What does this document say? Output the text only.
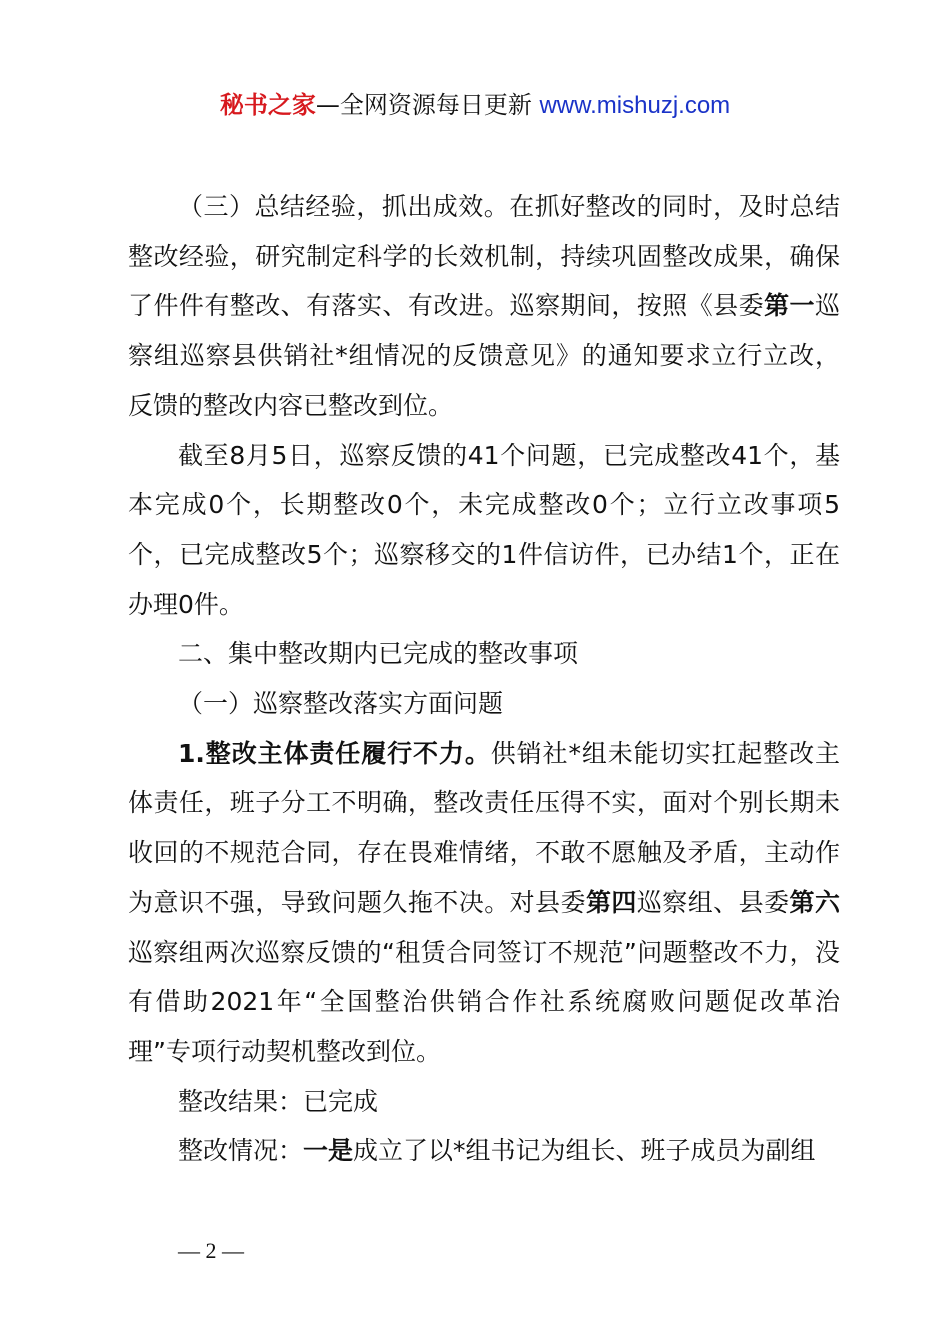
秘书之家—全网资源每日更新 www.mishuzj.com

（三）总结经验，抓出成效。在抓好整改的同时，及时总结整改经验，研究制定科学的长效机制，持续巩固整改成果，确保了件件有整改、有落实、有改进。巡察期间，按照《县委第一巡察组巡察县供销社*组情况的反馈意见》的通知要求立行立改，反馈的整改内容已整改到位。

截至8月5日，巡察反馈的41个问题，已完成整改41个，基本完成0个，长期整改0个，未完成整改0个；立行立改事项5个，已完成整改5个；巡察移交的1件信访件，已办结1个，正在办理0件。

二、集中整改期内已完成的整改事项

（一）巡察整改落实方面问题

1.整改主体责任履行不力。供销社*组未能切实扛起整改主体责任，班子分工不明确，整改责任压得不实，面对个别长期未收回的不规范合同，存在畏难情绪，不敢不愿触及矛盾，主动作为意识不强，导致问题久拖不决。对县委第四巡察组、县委第六巡察组两次巡察反馈的“租赁合同签订不规范”问题整改不力，没有借助2021年“全国整治供销合作社系统腐败问题促改革治理”专项行动契机整改到位。

整改结果：已完成

整改情况：一是成立了以*组书记为组长、班子成员为副组

— 2 —
